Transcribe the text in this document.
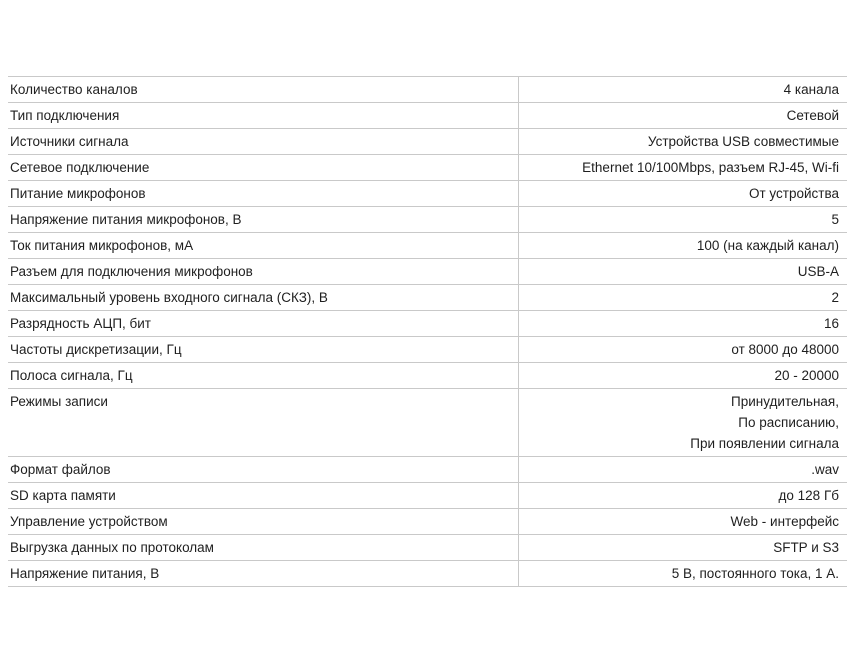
Количество каналов	4 канала

Тип подключения	Сетевой

Источники сигнала	Устройства USB совместимые

Сетевое подключение	Ethernet 10/100Mbps, разъем RJ-45, Wi-fi

Питание микрофонов	От устройства

Напряжение питания микрофонов, В	5

Ток питания микрофонов, мА	100 (на каждый канал)

Разъем для подключения микрофонов	USB-A

Максимальный уровень входного сигнала (СКЗ), В	2

Разрядность АЦП, бит	16

Частоты дискретизации, Гц	от 8000 до 48000

Полоса сигнала, Гц	20 - 20000

Режимы записи	Принудительная,
По расписанию,
При появлении сигнала

Формат файлов	.wav

SD карта памяти	до 128 Гб

Управление устройством	Web - интерфейс

Выгрузка данных по протоколам	SFTP и S3

Напряжение питания, В	5 В, постоянного тока, 1 А.
